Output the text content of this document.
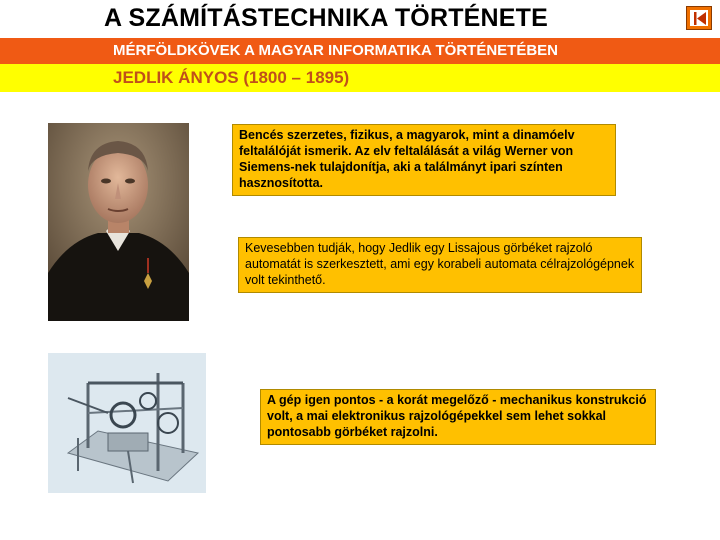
A SZÁMÍTÁSTECHNIKA TÖRTÉNETE
MÉRFÖLDKÖVEK A MAGYAR INFORMATIKA TÖRTÉNETÉBEN
JEDLIK ÁNYOS (1800 – 1895)
Bencés szerzetes, fizikus, a magyarok, mint a dinamóelv feltalálóját ismerik. Az elv feltalálását a világ Werner von Siemens-nek tulajdonítja, aki a találmányt ipari színten hasznosította.
Kevesebben tudják, hogy Jedlik egy Lissajous görbéket rajzoló automatát is szerkesztett, ami egy korabeli automata célrajzológépnek volt tekinthető.
A gép igen pontos - a korát megelőző - mechanikus konstrukció volt, a mai elektronikus rajzológépekkel sem lehet sokkal pontosabb görbéket rajzolni.
